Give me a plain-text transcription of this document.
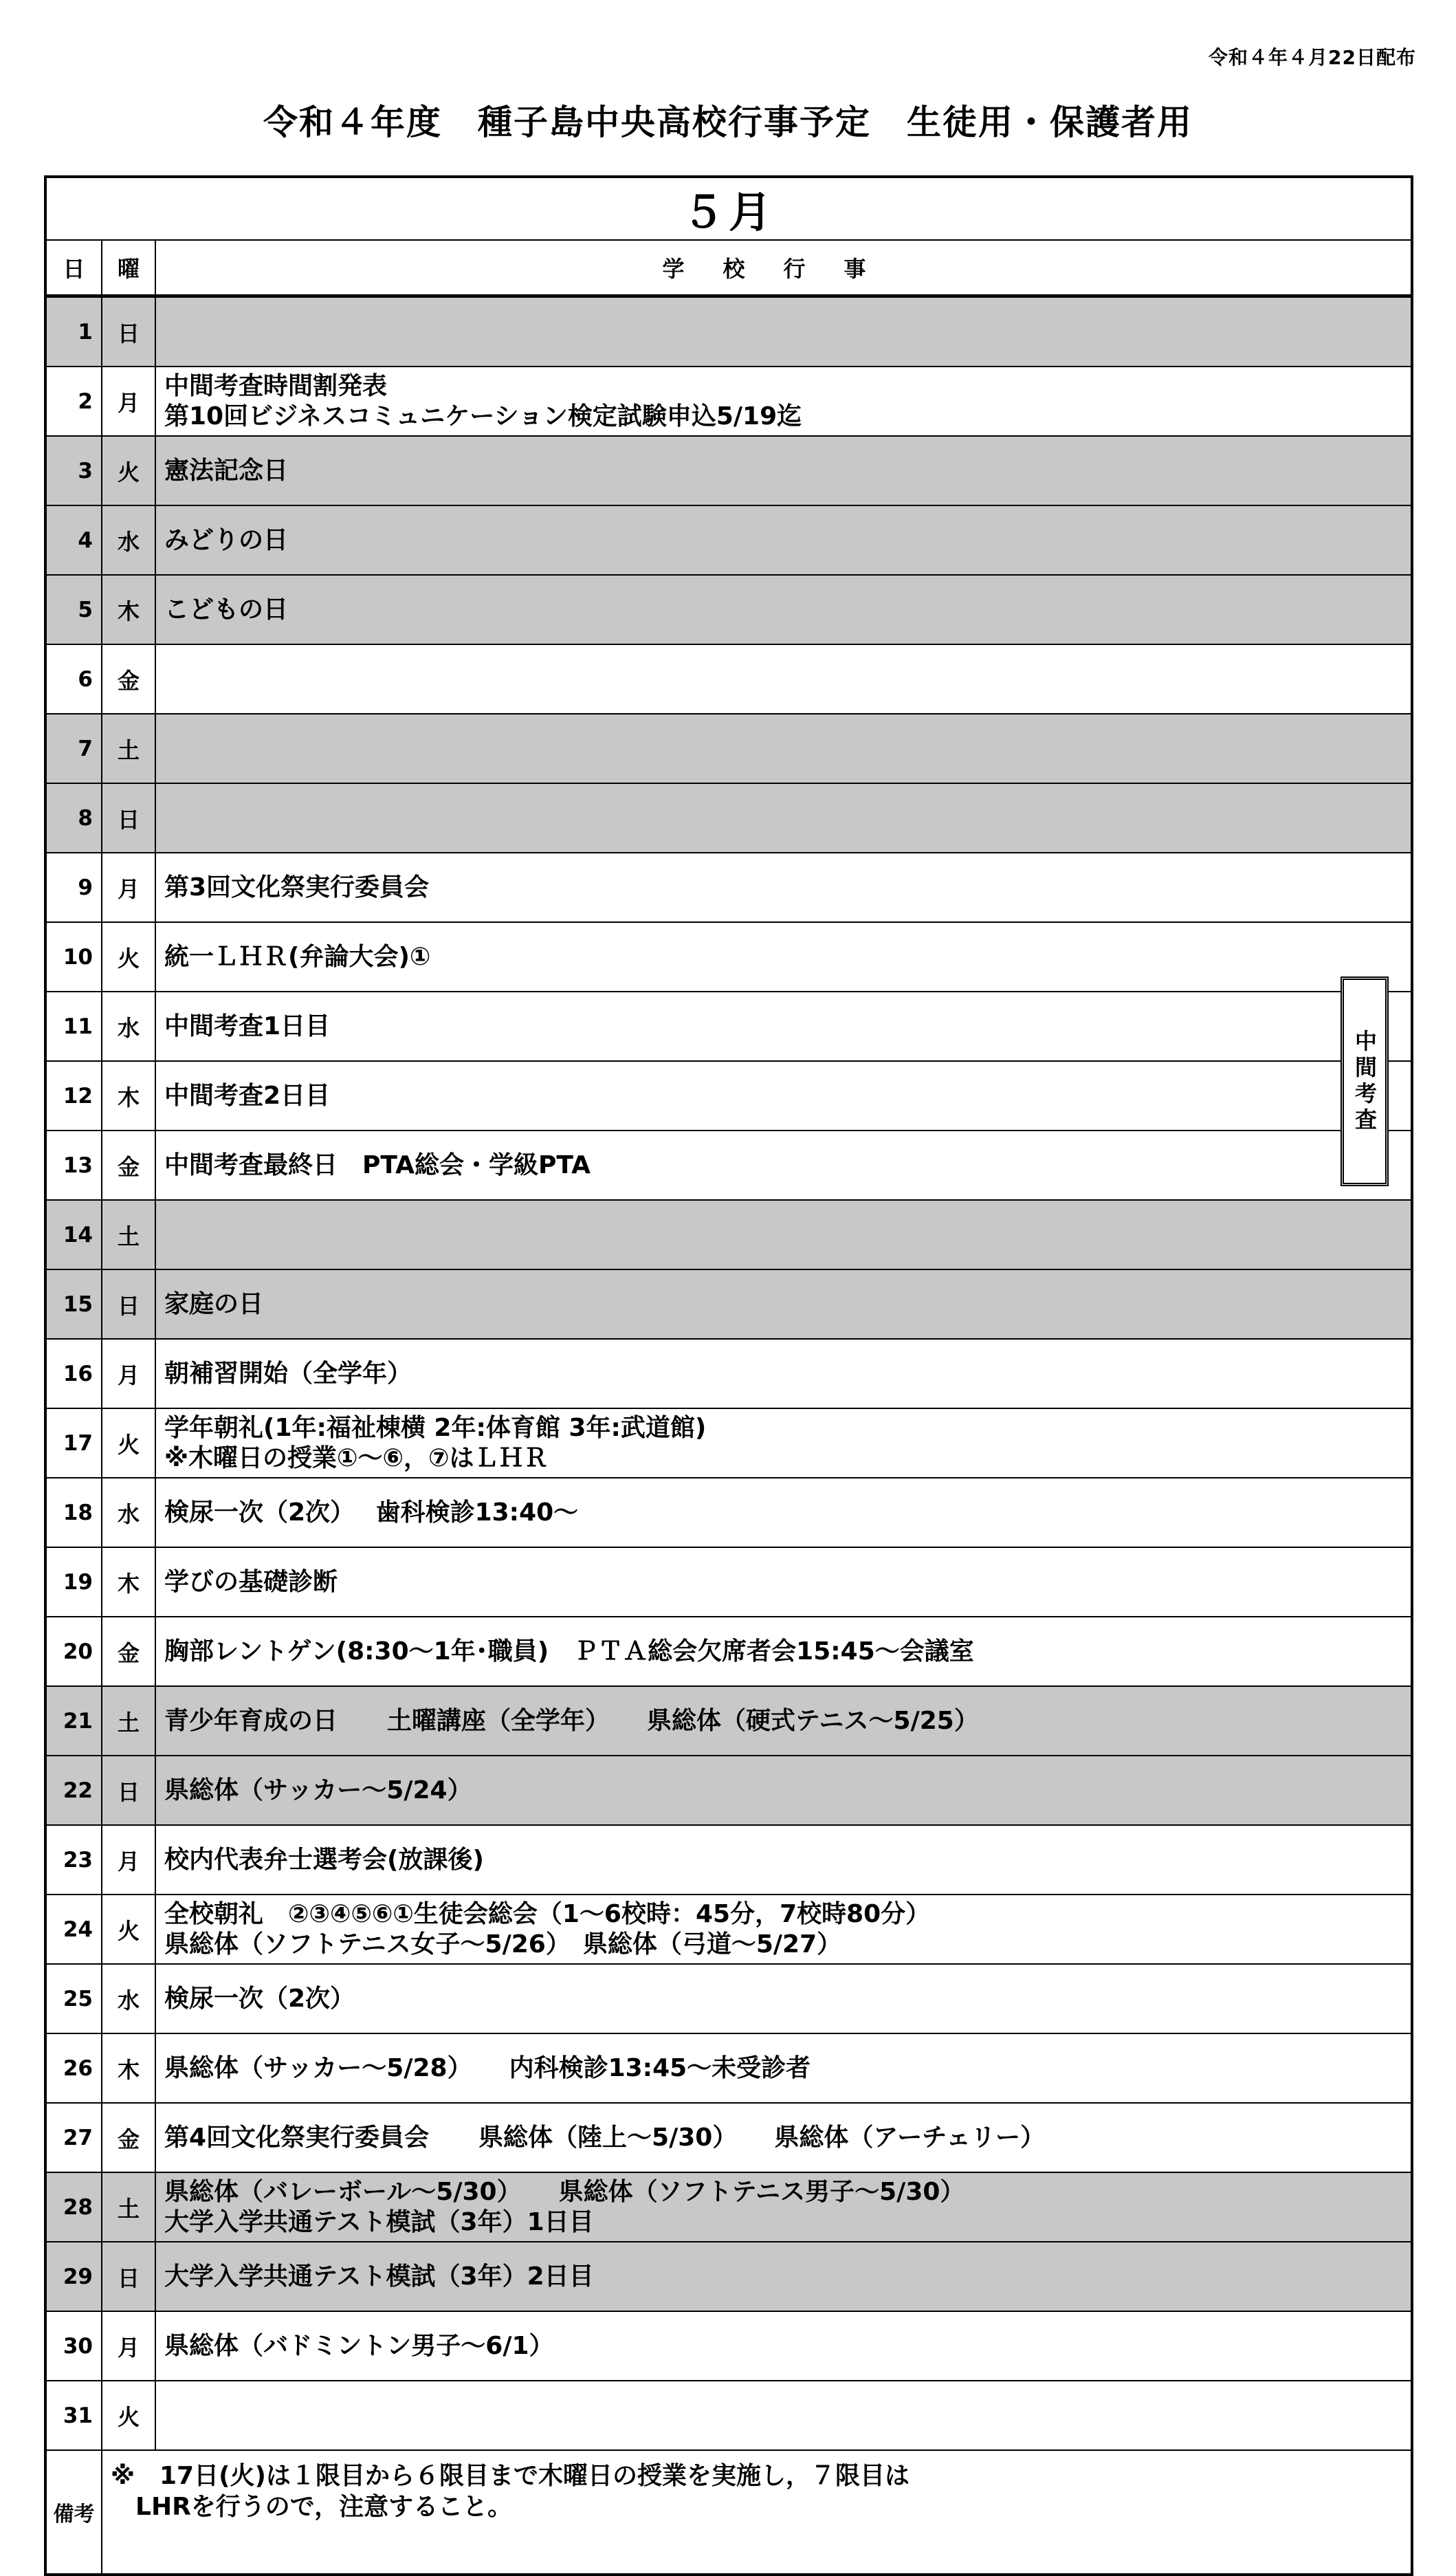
令和４年４月22日配布
令和４年度　種子島中央高校行事予定　生徒用・保護者用
５月		
日	曜	学校行事
1	日	

2	月	中間考査時間割発表
第10回ビジネスコミュニケーション検定試験申込5/19迄

3	火	憲法記念日

4	水	みどりの日

5	木	こどもの日

6	金	

7	土	

8	日	

9	月	第3回文化祭実行委員会

10	火	統一ＬＨＲ(弁論大会)①

11	水	中間考査1日目

12	木	中間考査2日目

13	金	中間考査最終日　PTA総会・学級PTA

14	土	

15	日	家庭の日

16	月	朝補習開始（全学年）

17	火	学年朝礼(1年:福祉棟横 2年:体育館 3年:武道館)
※木曜日の授業①～⑥，⑦はＬＨＲ

18	水	検尿一次（2次）　 歯科検診13:40～

19	木	学びの基礎診断

20	金	胸部レントゲン(8:30～1年･職員)　ＰＴＡ総会欠席者会15:45～会議室

21	土	青少年育成の日　　土曜講座（全学年）　　県総体（硬式テニス～5/25）

22	日	県総体（サッカー～5/24）

23	月	校内代表弁士選考会(放課後)

24	火	全校朝礼　②③④⑤⑥①生徒会総会（1～6校時：45分，7校時80分）
県総体（ソフトテニス女子～5/26）　県総体（弓道～5/27）

25	水	検尿一次（2次）

26	木	県総体（サッカー～5/28）　　内科検診13:45～未受診者

27	金	第4回文化祭実行委員会　　県総体（陸上～5/30）　　県総体（アーチェリー）

28	土	県総体（バレーボール～5/30）　　県総体（ソフトテニス男子～5/30）
大学入学共通テスト模試（3年）1日目

29	日	大学入学共通テスト模試（3年）2日目

30	月	県総体（バドミントン男子～6/1）

31	火	

備考	※　17日(火)は１限目から６限目まで木曜日の授業を実施し，７限目は
　LHRを行うので，注意すること。	
中間考査
